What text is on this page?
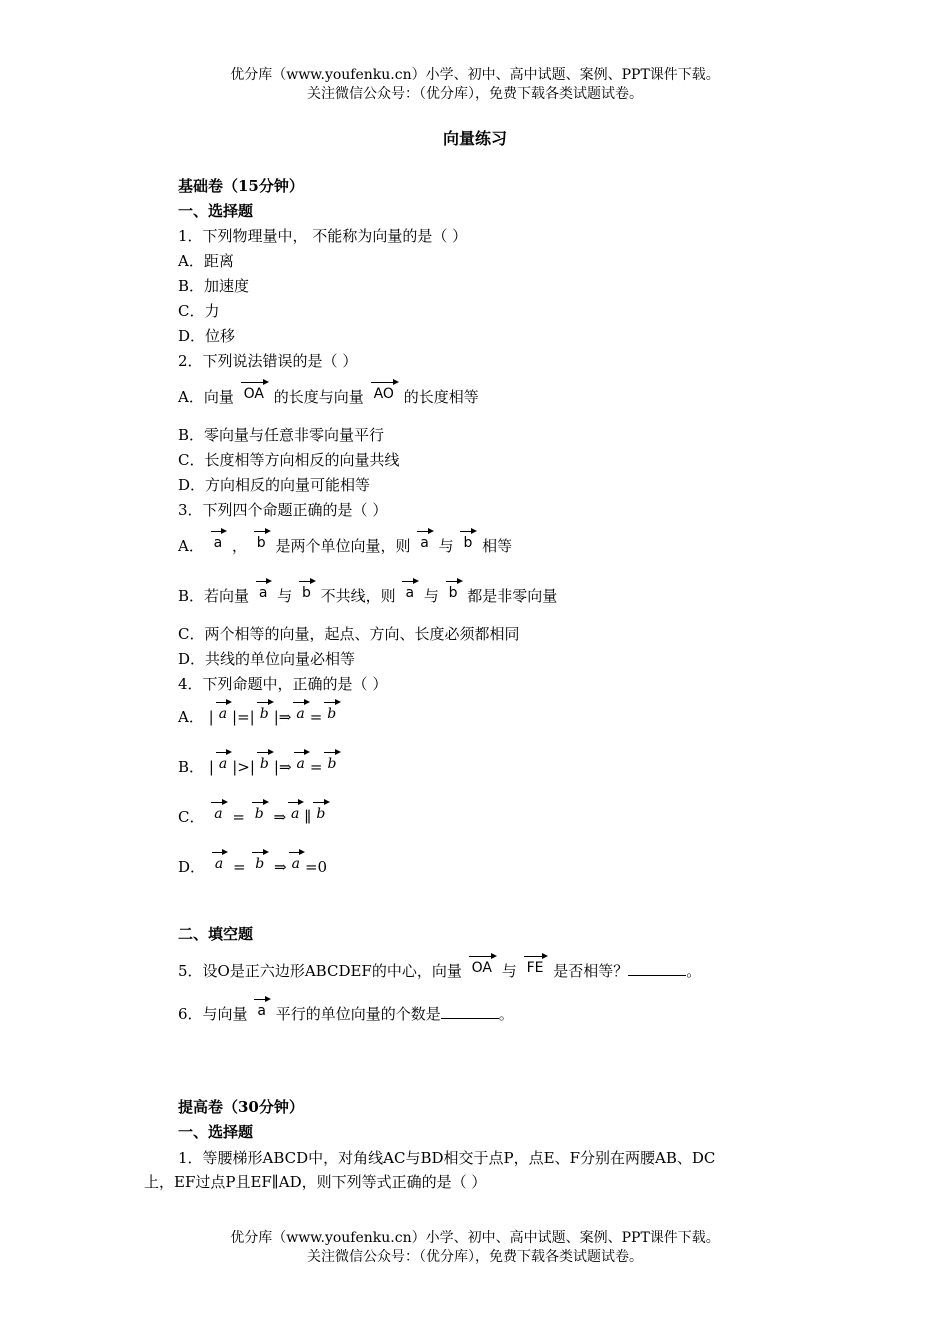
优分库（www.youfenku.cn）小学、初中、高中试题、案例、PPT课件下载。
关注微信公众号：（优分库），免费下载各类试题试卷。
向量练习
基础卷（15分钟）
一、选择题
1．下列物理量中， 不能称为向量的是（ ）
A．距离
B．加速度
C．力
D．位移
2．下列说法错误的是（ ）
A．向量 OA 的长度与向量 AO 的长度相等
B．零向量与任意非零向量平行
C．长度相等方向相反的向量共线
D．方向相反的向量可能相等
3．下列四个命题正确的是（ ）
A． a ， b 是两个单位向量，则 a 与 b 相等
B．若向量 a 与 b 不共线，则 a 与 b 都是非零向量
C．两个相等的向量，起点、方向、长度必须都相同
D．共线的单位向量必相等
4．下列命题中，正确的是（ ）
A． | a |=| b |⇒ a = b
B． | a |>| b |⇒ a = b
C． a = b ⇒ a ∥ b
D． a = b ⇒ a =0
二、填空题
5．设O是正六边形ABCDEF的中心，向量 OA 与 FE 是否相等？	。
6．与向量 a 平行的单位向量的个数是	。
提高卷（30分钟）
一、选择题
1．等腰梯形ABCD中，对角线AC与BD相交于点P，点E、F分别在两腰AB、DC
上，EF过点P且EF∥AD，则下列等式正确的是（ ）
优分库（www.youfenku.cn）小学、初中、高中试题、案例、PPT课件下载。
关注微信公众号：（优分库），免费下载各类试题试卷。
